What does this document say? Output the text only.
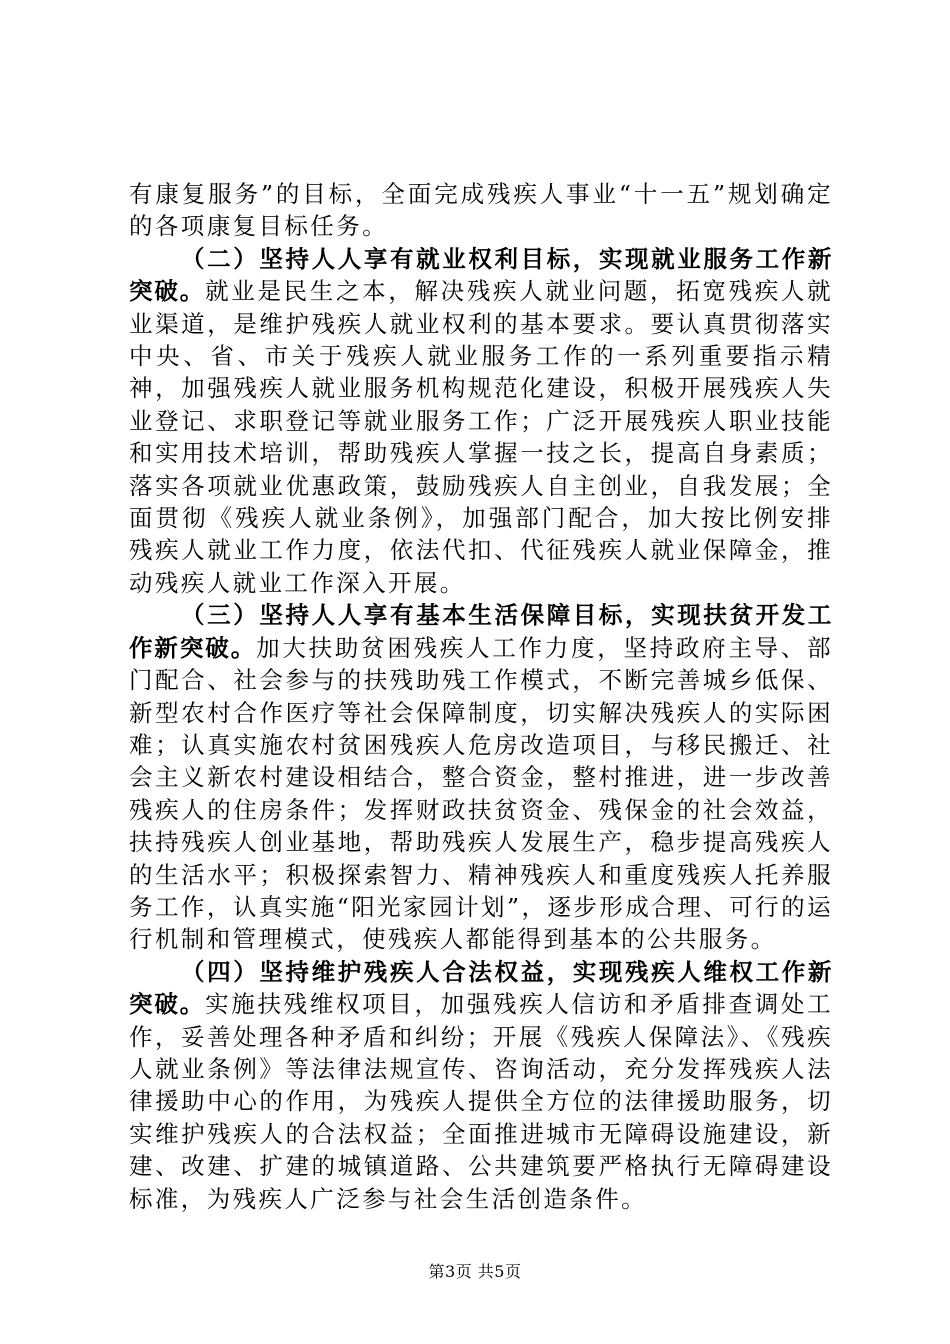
有康复服务”的目标，全面完成残疾人事业“十一五”规划确定的各项康复目标任务。

（二）坚持人人享有就业权利目标，实现就业服务工作新突破。就业是民生之本，解决残疾人就业问题，拓宽残疾人就业渠道，是维护残疾人就业权利的基本要求。要认真贯彻落实中央、省、市关于残疾人就业服务工作的一系列重要指示精神，加强残疾人就业服务机构规范化建设，积极开展残疾人失业登记、求职登记等就业服务工作；广泛开展残疾人职业技能和实用技术培训，帮助残疾人掌握一技之长，提高自身素质；落实各项就业优惠政策，鼓励残疾人自主创业，自我发展；全面贯彻《残疾人就业条例》，加强部门配合，加大按比例安排残疾人就业工作力度，依法代扣、代征残疾人就业保障金，推动残疾人就业工作深入开展。

（三）坚持人人享有基本生活保障目标，实现扶贫开发工作新突破。加大扶助贫困残疾人工作力度，坚持政府主导、部门配合、社会参与的扶残助残工作模式，不断完善城乡低保、新型农村合作医疗等社会保障制度，切实解决残疾人的实际困难；认真实施农村贫困残疾人危房改造项目，与移民搬迁、社会主义新农村建设相结合，整合资金，整村推进，进一步改善残疾人的住房条件；发挥财政扶贫资金、残保金的社会效益，扶持残疾人创业基地，帮助残疾人发展生产，稳步提高残疾人的生活水平；积极探索智力、精神残疾人和重度残疾人托养服务工作，认真实施“阳光家园计划”，逐步形成合理、可行的运行机制和管理模式，使残疾人都能得到基本的公共服务。

（四）坚持维护残疾人合法权益，实现残疾人维权工作新突破。实施扶残维权项目，加强残疾人信访和矛盾排查调处工作，妥善处理各种矛盾和纠纷；开展《残疾人保障法》、《残疾人就业条例》等法律法规宣传、咨询活动，充分发挥残疾人法律援助中心的作用，为残疾人提供全方位的法律援助服务，切实维护残疾人的合法权益；全面推进城市无障碍设施建设，新建、改建、扩建的城镇道路、公共建筑要严格执行无障碍建设标准，为残疾人广泛参与社会生活创造条件。

第3页 共5页
